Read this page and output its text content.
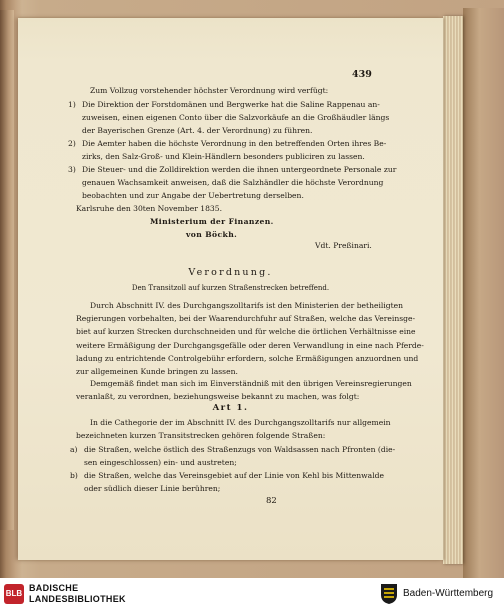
439
Zum Vollzug vorstehender höchster Verordnung wird verfügt:
1) Die Direktion der Forstdomänen und Bergwerke hat die Saline Rappenau an-
zuweisen, einen eigenen Conto über die Salzvorkäufe an die Großhäudler längs
der Bayerischen Grenze (Art. 4. der Verordnung) zu führen.
2) Die Aemter haben die höchste Verordnung in den betreffenden Orten ihres Be-
zirks, den Salz-Groß- und Klein-Händlern besonders publiciren zu lassen.
3) Die Steuer- und die Zolldirektion werden die ihnen untergeordnete Personale zur
genauen Wachsamkeit anweisen, daß die Salzhändler die höchste Verordnung
beobachten und zur Angabe der Uebertretung derselben.
Karlsruhe den 30ten November 1835.
Ministerium der Finanzen.
von Böckh.
Vdt. Preßinari.
Verordnung.
Den Transitzoll auf kurzen Straßenstrecken betreffend.
Durch Abschnitt IV. des Durchgangszolltarifs ist den Ministerien der betheiligten
Regierungen vorbehalten, bei der Waarendurchfuhr auf Straßen, welche das Vereinsge-
biet auf kurzen Strecken durchschneiden und für welche die örtlichen Verhältnisse eine
weitere Ermäßigung der Durchgangsgefälle oder deren Verwandlung in eine nach Pferde-
ladung zu entrichtende Controlgebühr erfordern, solche Ermäßigungen anzuordnen und
zur allgemeinen Kunde bringen zu lassen.
Demgemäß findet man sich im Einverständniß mit den übrigen Vereinsregierungen
veranlaßt, zu verordnen, beziehungsweise bekannt zu machen, was folgt:
Art 1.
In die Cathegorie der im Abschnitt IV. des Durchgangszolltarifs nur allgemein
bezeichneten kurzen Transitstrecken gehören folgende Straßen:
a) die Straßen, welche östlich des Straßenzugs von Waldsassen nach Pfronten (die-
sen eingeschlossen) ein- und austreten;
b) die Straßen, welche das Vereinsgebiet auf der Linie von Kehl bis Mittenwalde
oder südlich dieser Linie berühren;
82
BLB
BADISCHE
LANDESBIBLIOTHEK	Baden-Württemberg
